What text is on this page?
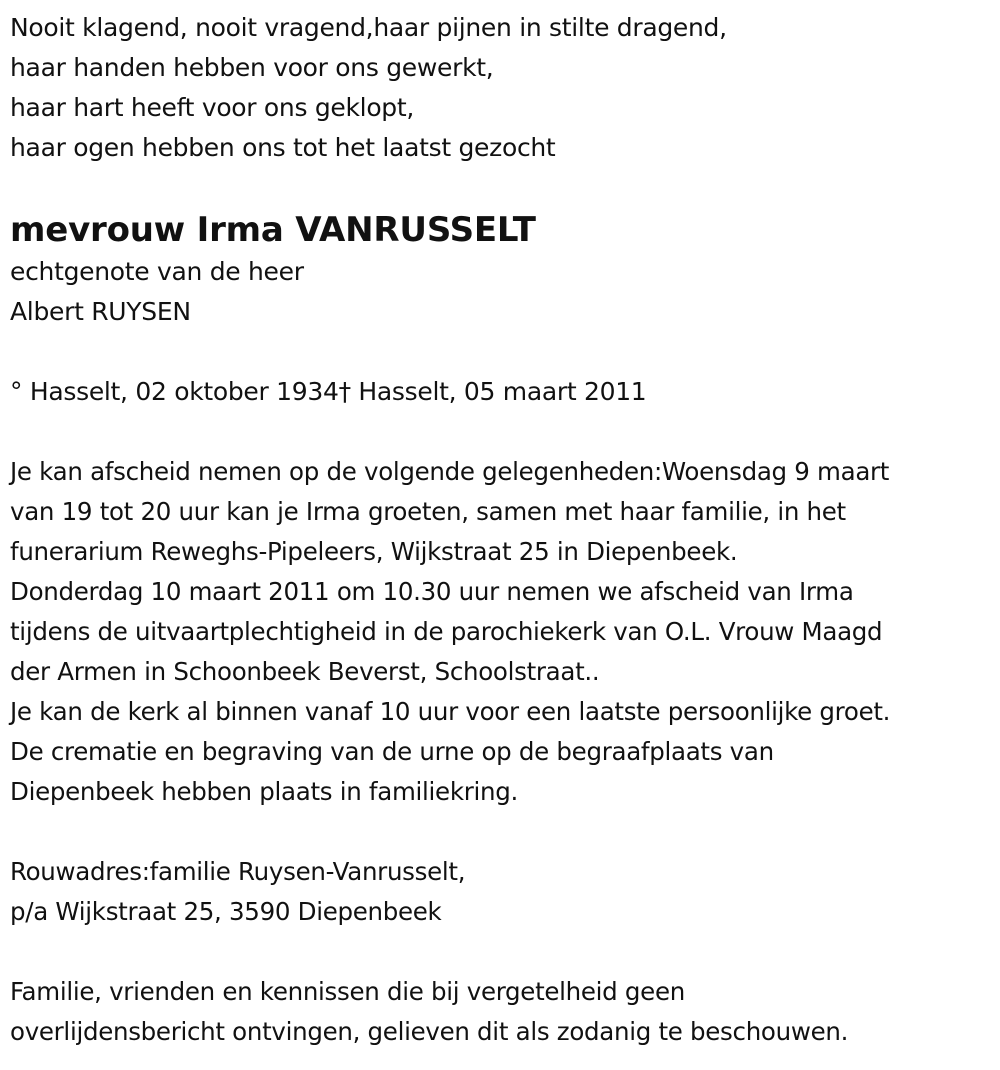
Nooit klagend, nooit vragend,haar pijnen in stilte dragend,
haar handen hebben voor ons gewerkt,
haar hart heeft voor ons geklopt,
haar ogen hebben ons tot het laatst gezocht
mevrouw Irma VANRUSSELT
echtgenote van de heer
Albert RUYSEN
° Hasselt, 02 oktober 1934† Hasselt, 05 maart 2011
Je kan afscheid nemen op de volgende gelegenheden:Woensdag 9 maart
van 19 tot 20 uur kan je Irma groeten, samen met haar familie, in het
funerarium Reweghs-Pipeleers, Wijkstraat 25 in Diepenbeek.
Donderdag 10 maart 2011 om 10.30 uur nemen we afscheid van Irma
tijdens de uitvaartplechtigheid in de parochiekerk van O.L. Vrouw Maagd
der Armen in Schoonbeek Beverst, Schoolstraat..
Je kan de kerk al binnen vanaf 10 uur voor een laatste persoonlijke groet.
De crematie en begraving van de urne op de begraafplaats van
Diepenbeek hebben plaats in familiekring.
Rouwadres:familie Ruysen-Vanrusselt,
p/a Wijkstraat 25, 3590 Diepenbeek
Familie, vrienden en kennissen die bij vergetelheid geen
overlijdensbericht ontvingen, gelieven dit als zodanig te beschouwen.
